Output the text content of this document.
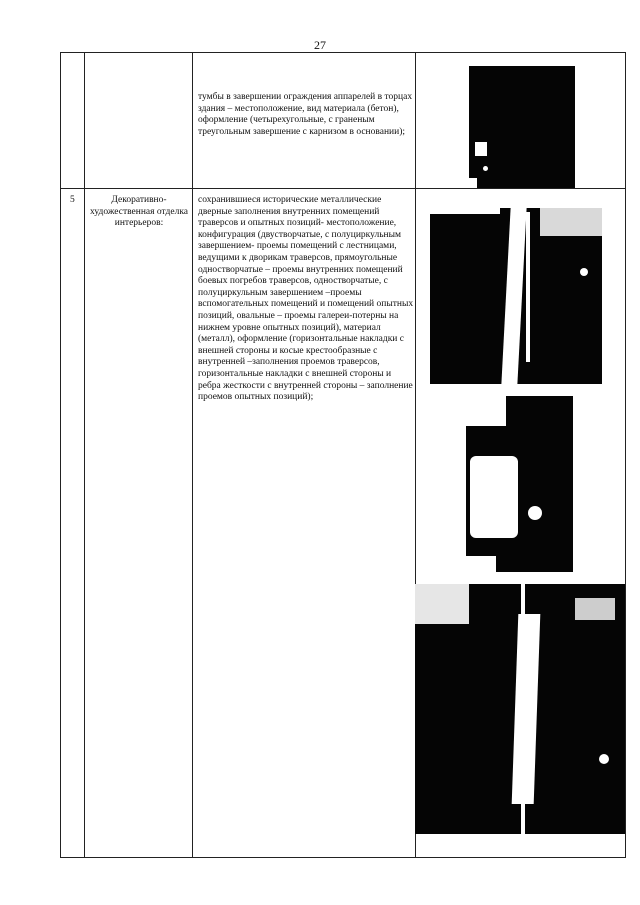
27
тумбы в завершении ограждения аппарелей в торцах здания – местоположение, вид материала (бетон), оформление (четырехугольные, с граненым треугольным завершение с карнизом в основании);
5	Декоративно-художественная отделка интерьеров:
сохранившиеся исторические металлические дверные заполнения внутренних помещений траверсов и опытных позиций- местоположение, конфигурация (двустворчатые, с полуциркульным завершением- проемы помещений с лестницами, ведущими к дворикам траверсов, прямоугольные одностворчатые – проемы внутренних помещений боевых погребов траверсов, одностворчатые, с полуциркульным завершением –проемы вспомогательных помещений и помещений опытных позиций, овальные – проемы галереи-потерны на нижнем уровне опытных позиций), материал (металл), оформление (горизонтальные накладки с внешней стороны и косые крестообразные с внутренней –заполнения проемов траверсов, горизонтальные накладки с внешней стороны и ребра жесткости с внутренней стороны – заполнение проемов опытных позиций);
